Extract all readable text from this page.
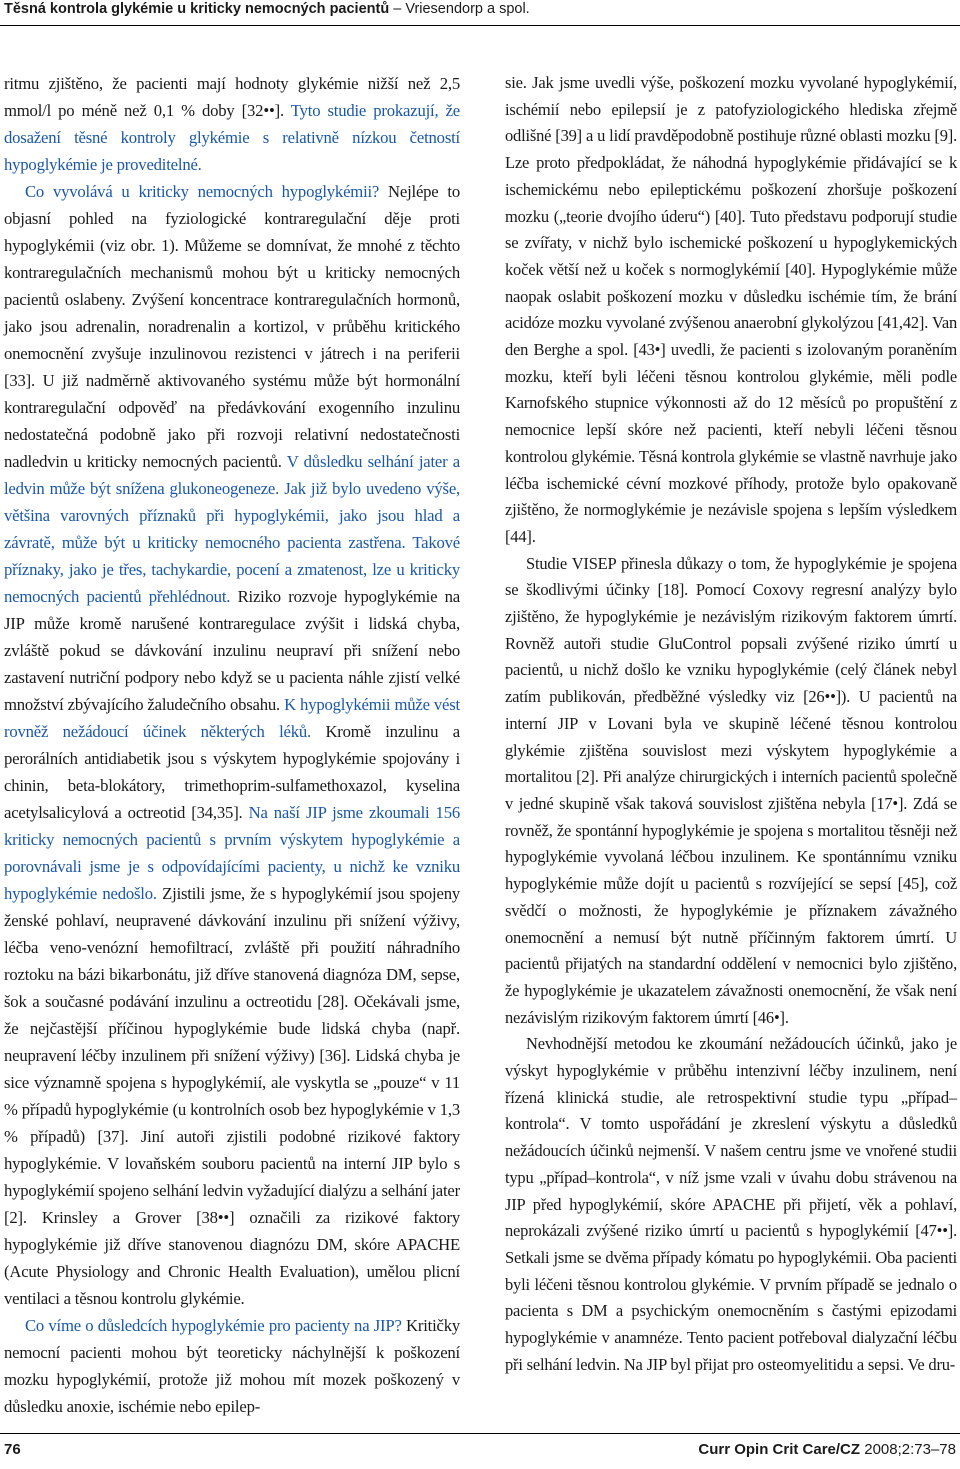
Těsná kontrola glykémie u kriticky nemocných pacientů – Vriesendorp a spol.

ritmu zjištěno, že pacienti mají hodnoty glykémie nižší než 2,5 mmol/l po méně než 0,1 % doby [32••]. Tyto studie prokazují, že dosažení těsné kontroly glykémie s relativně nízkou četností hypoglykémie je proveditelné.

Co vyvolává u kriticky nemocných hypoglykémii? Nejlépe to objasní pohled na fyziologické kontraregulační děje proti hypoglykémii (viz obr. 1). Můžeme se domnívat, že mnohé z těchto kontraregulačních mechanismů mohou být u kriticky nemocných pacientů oslabeny. Zvýšení koncentrace kontraregulačních hormonů, jako jsou adrenalin, noradrenalin a kortizol, v průběhu kritického onemocnění zvyšuje inzulinovou rezistenci v játrech i na periferii [33]. U již nadměrně aktivovaného systému může být hormonální kontraregulační odpověď na předávkování exogenního inzulinu nedostatečná podobně jako při rozvoji relativní nedostatečnosti nadledvin u kriticky nemocných pacientů. V důsledku selhání jater a ledvin může být snížena glukoneogeneze. Jak již bylo uvedeno výše, většina varovných příznaků při hypoglykémii, jako jsou hlad a závratě, může být u kriticky nemocného pacienta zastřena. Takové příznaky, jako je třes, tachykardie, pocení a zmatenost, lze u kriticky nemocných pacientů přehlédnout. Riziko rozvoje hypoglykémie na JIP může kromě narušené kontraregulace zvýšit i lidská chyba, zvláště pokud se dávkování inzulinu neupraví při snížení nebo zastavení nutriční podpory nebo když se u pacienta náhle zjistí velké množství zbývajícího žaludečního obsahu. K hypoglykémii může vést rovněž nežádoucí účinek některých léků. Kromě inzulinu a perorálních antidiabetik jsou s výskytem hypoglykémie spojovány i chinin, beta-blokátory, trimethoprim-sulfamethoxazol, kyselina acetylsalicylová a octreotid [34,35]. Na naší JIP jsme zkoumali 156 kriticky nemocných pacientů s prvním výskytem hypoglykémie a porovnávali jsme je s odpovídajícími pacienty, u nichž ke vzniku hypoglykémie nedošlo. Zjistili jsme, že s hypoglykémií jsou spojeny ženské pohlaví, neupravené dávkování inzulinu při snížení výživy, léčba veno-venózní hemofiltrací, zvláště při použití náhradního roztoku na bázi bikarbonátu, již dříve stanovená diagnóza DM, sepse, šok a současné podávání inzulinu a octreotidu [28]. Očekávali jsme, že nejčastější příčinou hypoglykémie bude lidská chyba (např. neupravení léčby inzulinem při snížení výživy) [36]. Lidská chyba je sice významně spojena s hypoglykémií, ale vyskytla se „pouze“ v 11 % případů hypoglykémie (u kontrolních osob bez hypoglykémie v 1,3 % případů) [37]. Jiní autoři zjistili podobné rizikové faktory hypoglykémie. V lovaňském souboru pacientů na interní JIP bylo s hypoglykémií spojeno selhání ledvin vyžadující dialýzu a selhání jater [2]. Krinsley a Grover [38••] označili za rizikové faktory hypoglykémie již dříve stanovenou diagnózu DM, skóre APACHE (Acute Physiology and Chronic Health Evaluation), umělou plicní ventilaci a těsnou kontrolu glykémie.

Co víme o důsledcích hypoglykémie pro pacienty na JIP? Kritičky nemocní pacienti mohou být teoreticky náchylnější k poškození mozku hypoglykémií, protože již mohou mít mozek poškozený v důsledku anoxie, ischémie nebo epilep-

sie. Jak jsme uvedli výše, poškození mozku vyvolané hypoglykémií, ischémií nebo epilepsií je z patofyziologického hlediska zřejmě odlišné [39] a u lidí pravděpodobně postihuje různé oblasti mozku [9]. Lze proto předpokládat, že náhodná hypoglykémie přidávající se k ischemickému nebo epileptickému poškození zhoršuje poškození mozku („teorie dvojího úderu“) [40]. Tuto představu podporují studie se zvířaty, v nichž bylo ischemické poškození u hypoglykemických koček větší než u koček s normoglykémií [40]. Hypoglykémie může naopak oslabit poškození mozku v důsledku ischémie tím, že brání acidóze mozku vyvolané zvýšenou anaerobní glykolýzou [41,42]. Van den Berghe a spol. [43•] uvedli, že pacienti s izolovaným poraněním mozku, kteří byli léčeni těsnou kontrolou glykémie, měli podle Karnofského stupnice výkonnosti až do 12 měsíců po propuštění z nemocnice lepší skóre než pacienti, kteří nebyli léčeni těsnou kontrolou glykémie. Těsná kontrola glykémie se vlastně navrhuje jako léčba ischemické cévní mozkové příhody, protože bylo opakovaně zjištěno, že normoglykémie je nezávisle spojena s lepším výsledkem [44].

Studie VISEP přinesla důkazy o tom, že hypoglykémie je spojena se škodlivými účinky [18]. Pomocí Coxovy regresní analýzy bylo zjištěno, že hypoglykémie je nezávislým rizikovým faktorem úmrtí. Rovněž autoři studie GluControl popsali zvýšené riziko úmrtí u pacientů, u nichž došlo ke vzniku hypoglykémie (celý článek nebyl zatím publikován, předběžné výsledky viz [26••]). U pacientů na interní JIP v Lovani byla ve skupině léčené těsnou kontrolou glykémie zjištěna souvislost mezi výskytem hypoglykémie a mortalitou [2]. Při analýze chirurgických i interních pacientů společně v jedné skupině však taková souvislost zjištěna nebyla [17•]. Zdá se rovněž, že spontánní hypoglykémie je spojena s mortalitou těsněji než hypoglykémie vyvolaná léčbou inzulinem. Ke spontánnímu vzniku hypoglykémie může dojít u pacientů s rozvíjející se sepsí [45], což svědčí o možnosti, že hypoglykémie je příznakem závažného onemocnění a nemusí být nutně příčinným faktorem úmrtí. U pacientů přijatých na standardní oddělení v nemocnici bylo zjištěno, že hypoglykémie je ukazatelem závažnosti onemocnění, že však není nezávislým rizikovým faktorem úmrtí [46•].

Nevhodnější metodou ke zkoumání nežádoucích účinků, jako je výskyt hypoglykémie v průběhu intenzivní léčby inzulinem, není řízená klinická studie, ale retrospektivní studie typu „případ–kontrola“. V tomto uspořádání je zkreslení výskytu a důsledků nežádoucích účinků nejmenší. V našem centru jsme ve vnořené studii typu „případ–kontrola“, v níž jsme vzali v úvahu dobu strávenou na JIP před hypoglykémií, skóre APACHE při přijetí, věk a pohlaví, neprokázali zvýšené riziko úmrtí u pacientů s hypoglykémií [47••]. Setkali jsme se dvěma případy kómatu po hypoglykémii. Oba pacienti byli léčeni těsnou kontrolou glykémie. V prvním případě se jednalo o pacienta s DM a psychickým onemocněním s častými epizodami hypoglykémie v anamnéze. Tento pacient potřeboval dialyzační léčbu při selhání ledvin. Na JIP byl přijat pro osteomyelitidu a sepsi. Ve dru-

76	Curr Opin Crit Care/CZ 2008;2:73–78
